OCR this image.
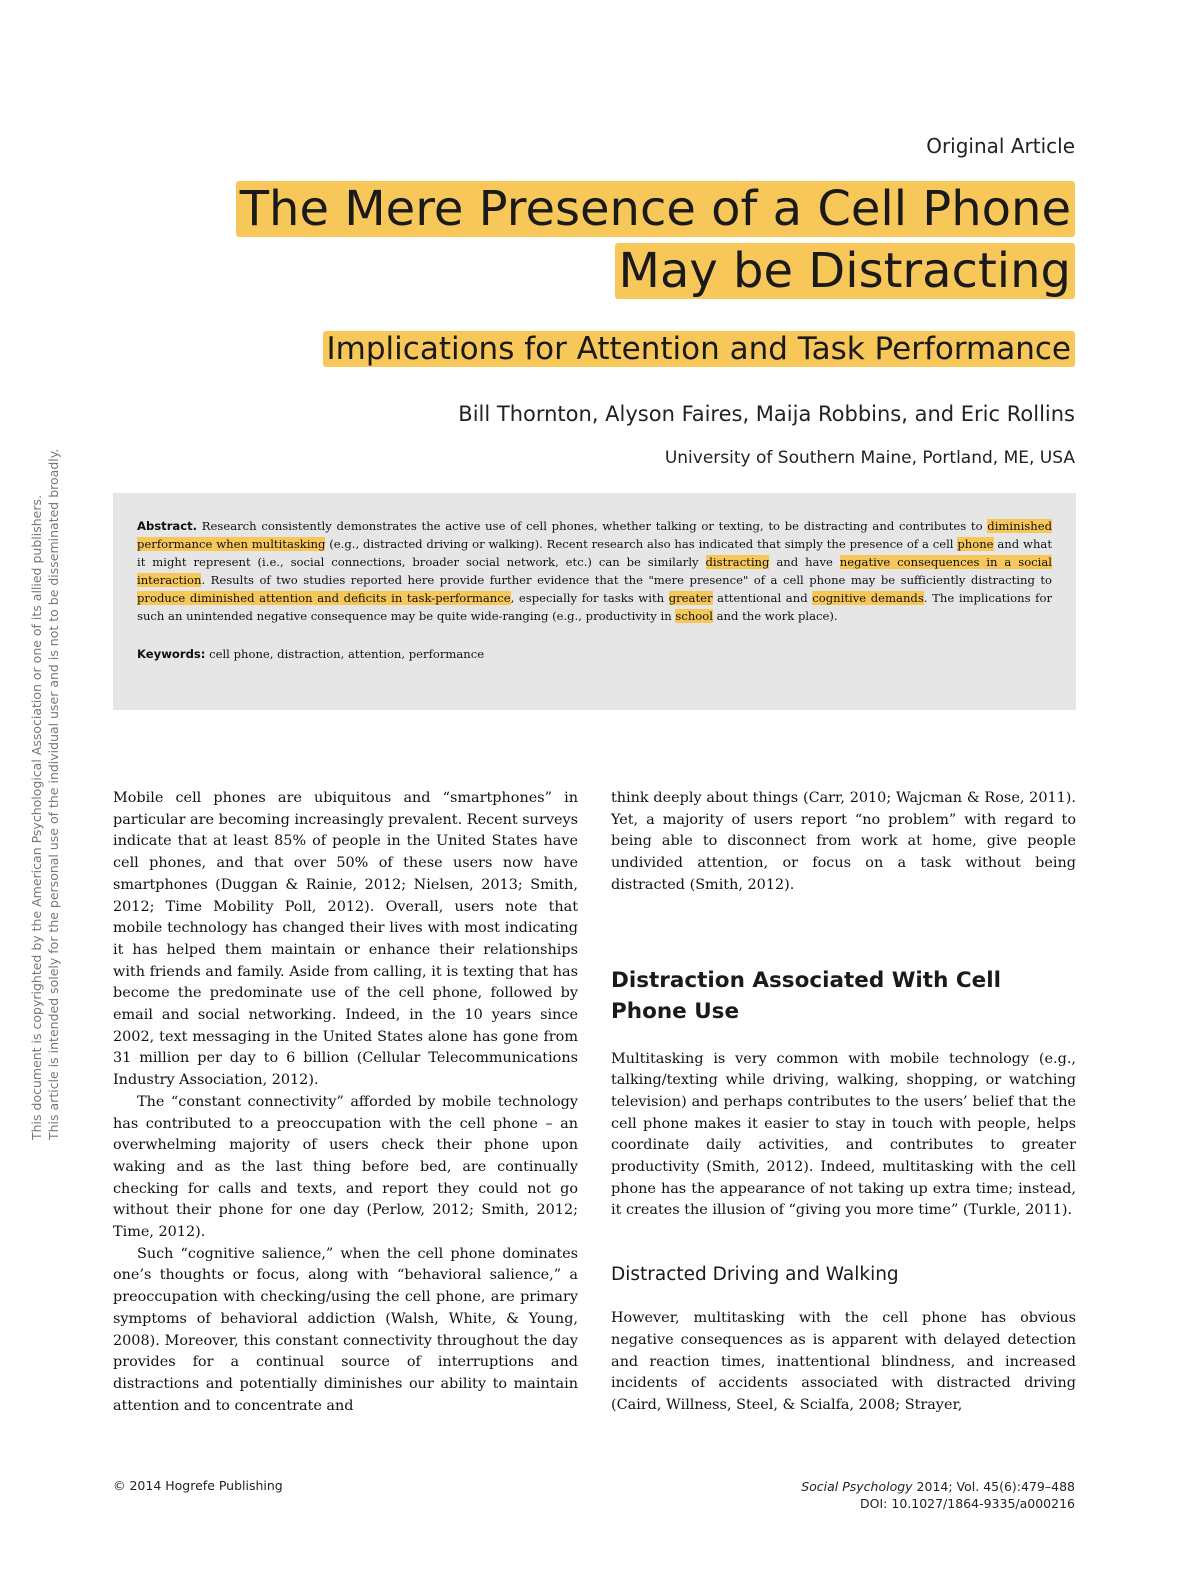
Original Article
The Mere Presence of a Cell Phone
May be Distracting
Implications for Attention and Task Performance
Bill Thornton, Alyson Faires, Maija Robbins, and Eric Rollins
University of Southern Maine, Portland, ME, USA

Abstract. Research consistently demonstrates the active use of cell phones, whether talking or texting, to be distracting and contributes to diminished performance when multitasking (e.g., distracted driving or walking). Recent research also has indicated that simply the presence of a cell phone and what it might represent (i.e., social connections, broader social network, etc.) can be similarly distracting and have negative consequences in a social interaction. Results of two studies reported here provide further evidence that the "mere presence" of a cell phone may be sufficiently distracting to produce diminished attention and deficits in task-performance, especially for tasks with greater attentional and cognitive demands. The implications for such an unintended negative consequence may be quite wide-ranging (e.g., productivity in school and the work place).

Keywords: cell phone, distraction, attention, performance

Mobile cell phones are ubiquitous and “smartphones” in particular are becoming increasingly prevalent. Recent surveys indicate that at least 85% of people in the United States have cell phones, and that over 50% of these users now have smartphones (Duggan & Rainie, 2012; Nielsen, 2013; Smith, 2012; Time Mobility Poll, 2012). Overall, users note that mobile technology has changed their lives with most indicating it has helped them maintain or enhance their relationships with friends and family. Aside from calling, it is texting that has become the predominate use of the cell phone, followed by email and social networking. Indeed, in the 10 years since 2002, text messaging in the United States alone has gone from 31 million per day to 6 billion (Cellular Telecommunications Industry Association, 2012).

The “constant connectivity” afforded by mobile technology has contributed to a preoccupation with the cell phone – an overwhelming majority of users check their phone upon waking and as the last thing before bed, are continually checking for calls and texts, and report they could not go without their phone for one day (Perlow, 2012; Smith, 2012; Time, 2012).

Such “cognitive salience,” when the cell phone dominates one’s thoughts or focus, along with “behavioral salience,” a preoccupation with checking/using the cell phone, are primary symptoms of behavioral addiction (Walsh, White, & Young, 2008). Moreover, this constant connectivity throughout the day provides for a continual source of interruptions and distractions and potentially diminishes our ability to maintain attention and to concentrate and

think deeply about things (Carr, 2010; Wajcman & Rose, 2011). Yet, a majority of users report “no problem” with regard to being able to disconnect from work at home, give people undivided attention, or focus on a task without being distracted (Smith, 2012).

Distraction Associated With Cell Phone Use

Multitasking is very common with mobile technology (e.g., talking/texting while driving, walking, shopping, or watching television) and perhaps contributes to the users’ belief that the cell phone makes it easier to stay in touch with people, helps coordinate daily activities, and contributes to greater productivity (Smith, 2012). Indeed, multitasking with the cell phone has the appearance of not taking up extra time; instead, it creates the illusion of “giving you more time” (Turkle, 2011).

Distracted Driving and Walking

However, multitasking with the cell phone has obvious negative consequences as is apparent with delayed detection and reaction times, inattentional blindness, and increased incidents of accidents associated with distracted driving (Caird, Willness, Steel, & Scialfa, 2008; Strayer,

© 2014 Hogrefe Publishing	Social Psychology 2014; Vol. 45(6):479–488
DOI: 10.1027/1864-9335/a000216
This document is copyrighted by the American Psychological Association or one of its allied publishers. This article is intended solely for the personal use of the individual user and is not to be disseminated broadly.
